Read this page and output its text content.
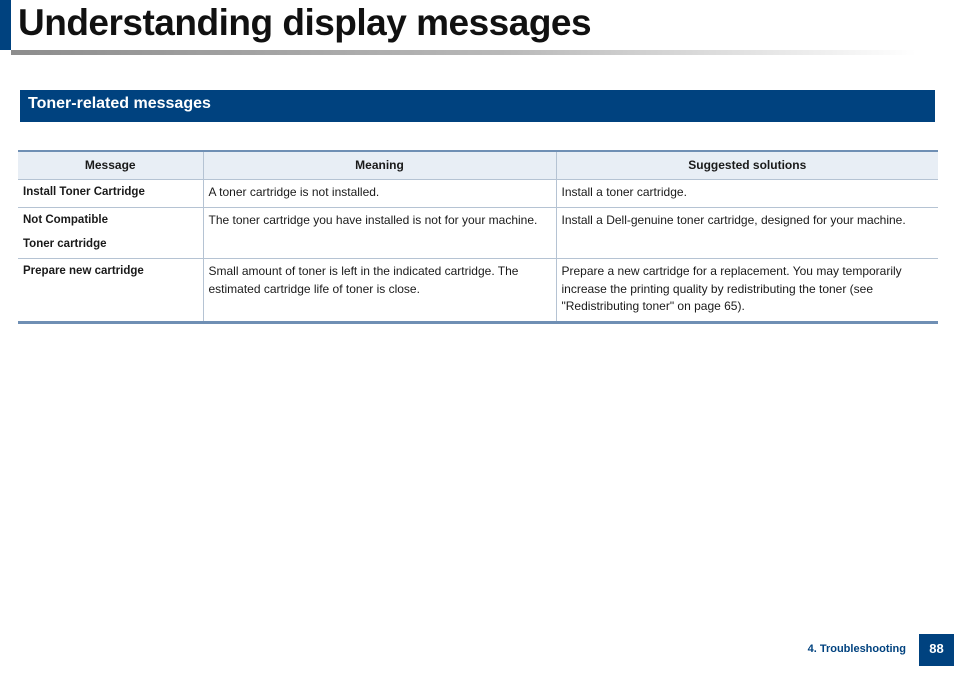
Understanding display messages
Toner-related messages
Message	Meaning	Suggested solutions

Install Toner Cartridge	A toner cartridge is not installed.	Install a toner cartridge.

Not Compatible
Toner cartridge	The toner cartridge you have installed is not for your machine.	Install a Dell-genuine toner cartridge, designed for your machine.

Prepare new cartridge	Small amount of toner is left in the indicated cartridge. The estimated cartridge life of toner is close.	Prepare a new cartridge for a replacement. You may temporarily increase the printing quality by redistributing the toner (see "Redistributing toner" on page 65).
4. Troubleshooting	88
